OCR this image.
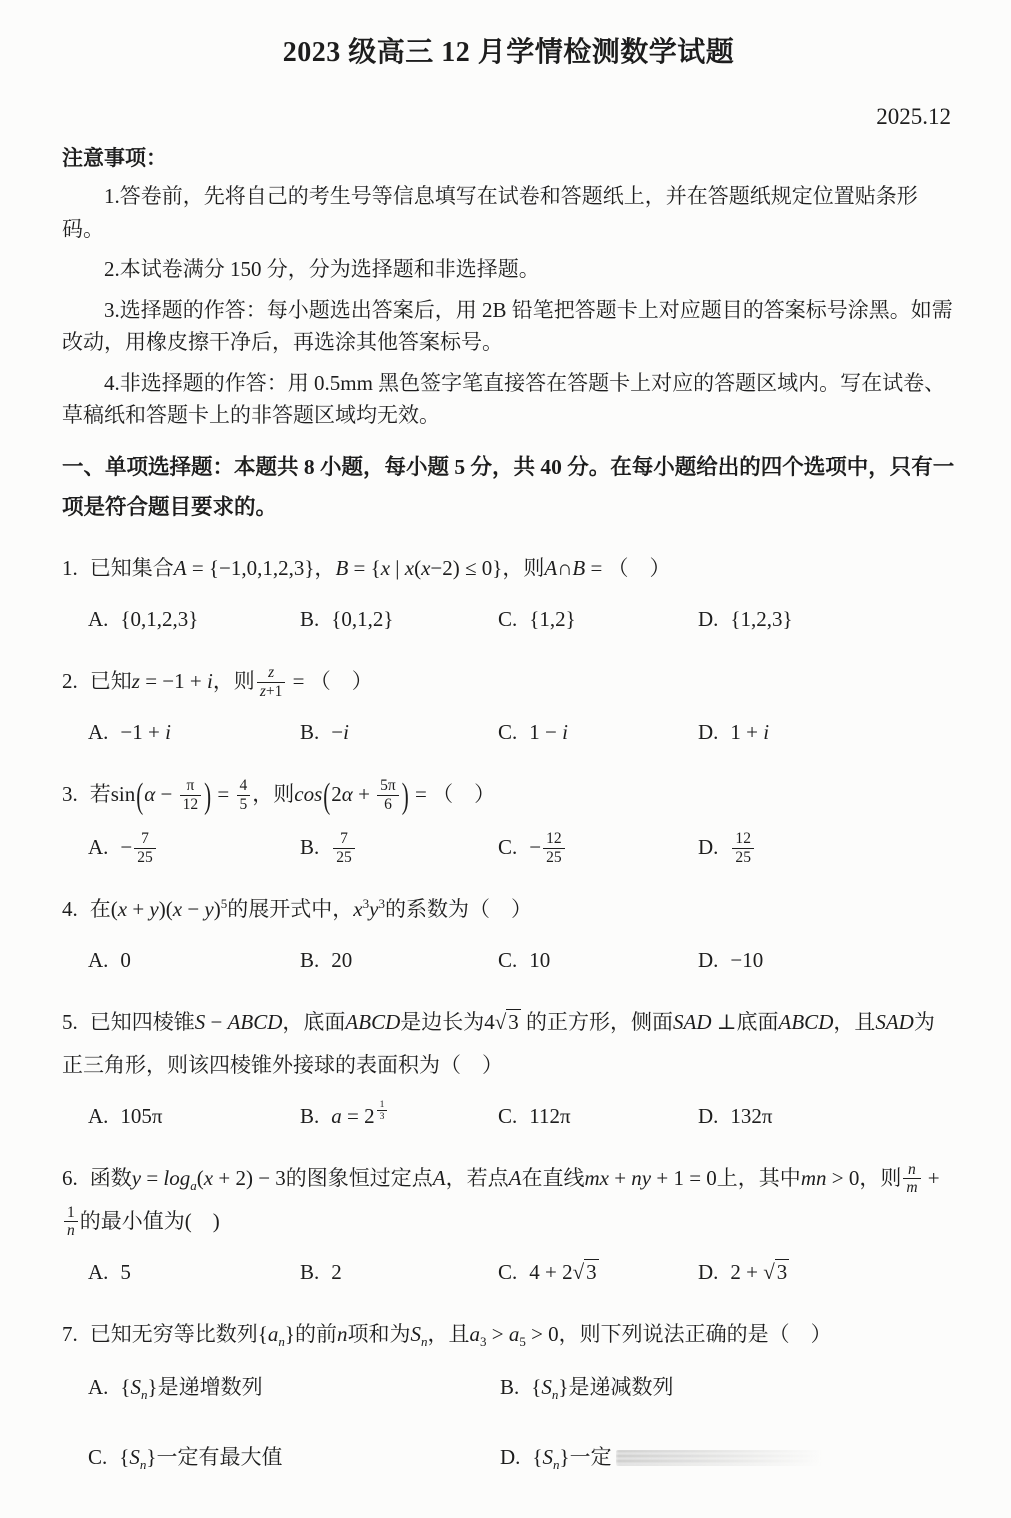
2023 级高三 12 月学情检测数学试题
2025.12
注意事项：

1.答卷前，先将自己的考生号等信息填写在试卷和答题纸上，并在答题纸规定位置贴条形码。

2.本试卷满分 150 分，分为选择题和非选择题。

3.选择题的作答：每小题选出答案后，用 2B 铅笔把答题卡上对应题目的答案标号涂黑。如需改动，用橡皮擦干净后，再选涂其他答案标号。

4.非选择题的作答：用 0.5mm 黑色签字笔直接答在答题卡上对应的答题区域内。写在试卷、草稿纸和答题卡上的非答题区域均无效。

一、单项选择题：本题共 8 小题，每小题 5 分，共 40 分。在每小题给出的四个选项中，只有一项是符合题目要求的。
1. 已知集合A = {−1,0,1,2,3}，B = {x | x(x−2) ≤ 0}，则A∩B = （　）
A. {0,1,2,3}	B. {0,1,2}	C. {1,2}	D. {1,2,3}
2. 已知z = −1 + i，则 $\frac{z}{z+1}$ = （　）
A. −1 + i	B. −i	C. 1 − i	D. 1 + i
3. 若$\sin(\alpha - \frac{\pi}{12}$ ) = $\frac{4}{5}$ ，则$\cos(2\alpha + \frac{5\pi}{6}$ ) = （　）
A. − $\frac{7}{25}$	B. $\frac{7}{25}$	C. − $\frac{12}{25}$	D. $\frac{12}{25}$
4. 在$(x + y)(x - y)^5$的展开式中，$x^3y^3$的系数为（　）
A. 0	B. 20	C. 10	D. −10
5. 已知四棱锥S − ABCD，底面ABCD是边长为4√3 的正方形，侧面SAD ⊥底面ABCD，且SAD为正三角形，则该四棱锥外接球的表面积为（　）
A. 105π	B. a = 2 $^{\frac{1}{3}}$	C. 112π	D. 132π
6. 函数$y = \log_a(x + 2) - 3$的图象恒过定点A，若点A在直线mx + ny + 1 = 0上，其中mn > 0，则 $\frac{n}{m}$ +
$\frac{1}{n}$ 的最小值为(　)
A. 5	B. 2	C. 4 + 2√3	D. 2 + √3
7. 已知无穷等比数列$\{a_n\}$的前n项和为$S_n$，且$a_3 > a_5 > 0$，则下列说法正确的是（　）
A. $\{S_n\}$是递增数列	B. $\{S_n\}$是递减数列
C. $\{S_n\}$一定有最大值	D. $\{S_n\}$一定
